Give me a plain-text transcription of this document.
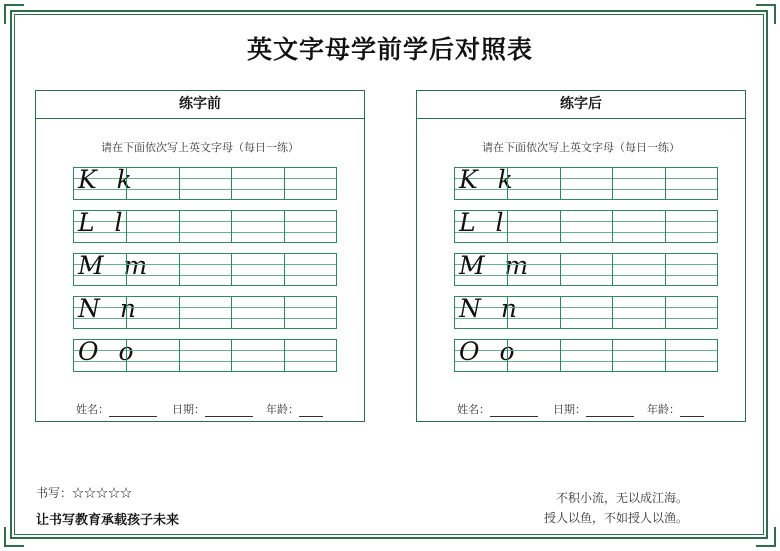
英文字母学前学后对照表
练字前
请在下面依次写上英文字母（每日一练）
K k
L l
M m
N n
O o
姓名：	日期：	年龄：
练字后
请在下面依次写上英文字母（每日一练）
K k
L l
M m
N n
O o
姓名：	日期：	年龄：
书写：☆☆☆☆☆
让书写教育承载孩子未来
不积小流，无以成江海。
授人以鱼，不如授人以渔。
